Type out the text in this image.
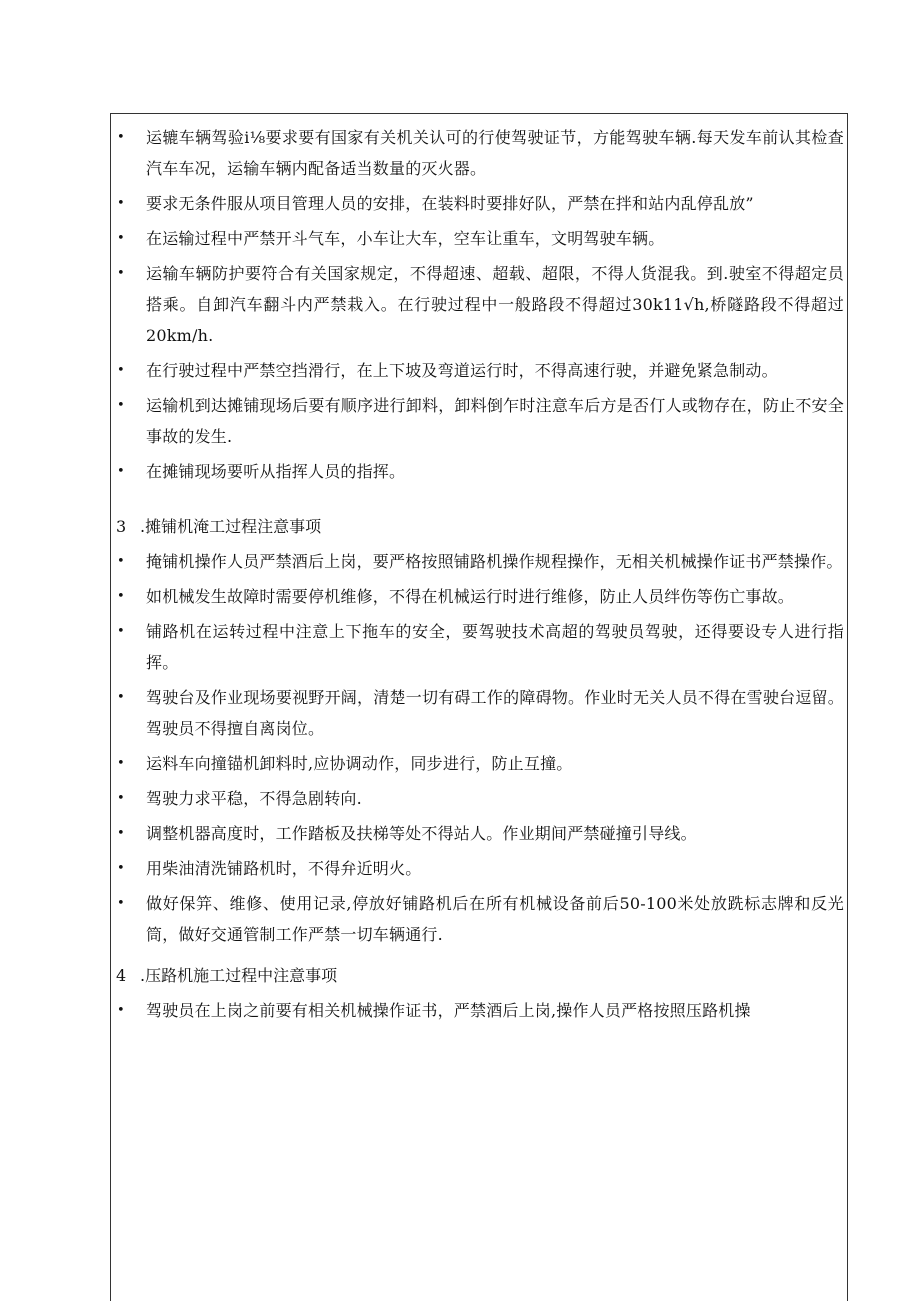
• 运辘车辆驾验i⅛要求要有国家有关机关认可的行使驾驶证节，方能驾驶车辆.每天发车前认其检查汽车车况，运输车辆内配备适当数量的灭火器。
• 要求无条件服从项目管理人员的安排，在装料时要排好队，严禁在拌和站内乱停乱放”
• 在运输过程中严禁开斗气车，小车让大车，空车让重车，文明驾驶车辆。
• 运输车辆防护要符合有关国家规定，不得超速、超载、超限，不得人货混我。到.驶室不得超定员搭乘。自卸汽车翻斗内严禁栽入。在行驶过程中一般路段不得超过30k11√h,桥隧路段不得超过20km∕h.
• 在行驶过程中严禁空挡滑行，在上下坡及弯道运行时，不得高速行驶，并避免紧急制动。
• 运输机到达摊铺现场后要有顺序进行卸料，卸料倒乍时注意车后方是否仃人或物存在，防止不安全事故的发生.
• 在摊铺现场要听从指挥人员的指挥。
3 .摊铺机淹工过程注意事项
• 掩铺机操作人员严禁酒后上岗，要严格按照铺路机操作规程操作，无相关机械操作证书严禁操作。
• 如机械发生故障时需要停机维修，不得在机械运行时进行维修，防止人员绊伤等伤亡事故。
• 铺路机在运转过程中注意上下拖车的安全，要驾驶技术高超的驾驶员驾驶，还得要设专人进行指挥。
• 驾驶台及作业现场要视野开阔，清楚一切有碍工作的障碍物。作业时无关人员不得在雪驶台逗留。驾驶员不得擅自离岗位。
• 运料车向撞锚机卸料时,应协调动作，同步进行，防止互撞。
• 驾驶力求平稳，不得急剧转向.
• 调整机器高度时，工作踏板及扶梯等处不得站人。作业期间严禁碰撞引导线。
• 用柴油清洗铺路机时，不得弁近明火。
• 做好保笄、维修、使用记录,停放好铺路机后在所有机械设备前后50-100米处放跣标志牌和反光筒，做好交通管制工作严禁一切车辆通行.
4 .压路机施工过程中注意事项
• 驾驶员在上岗之前要有相关机械操作证书，严禁酒后上岗,操作人员严格按照压路机操
